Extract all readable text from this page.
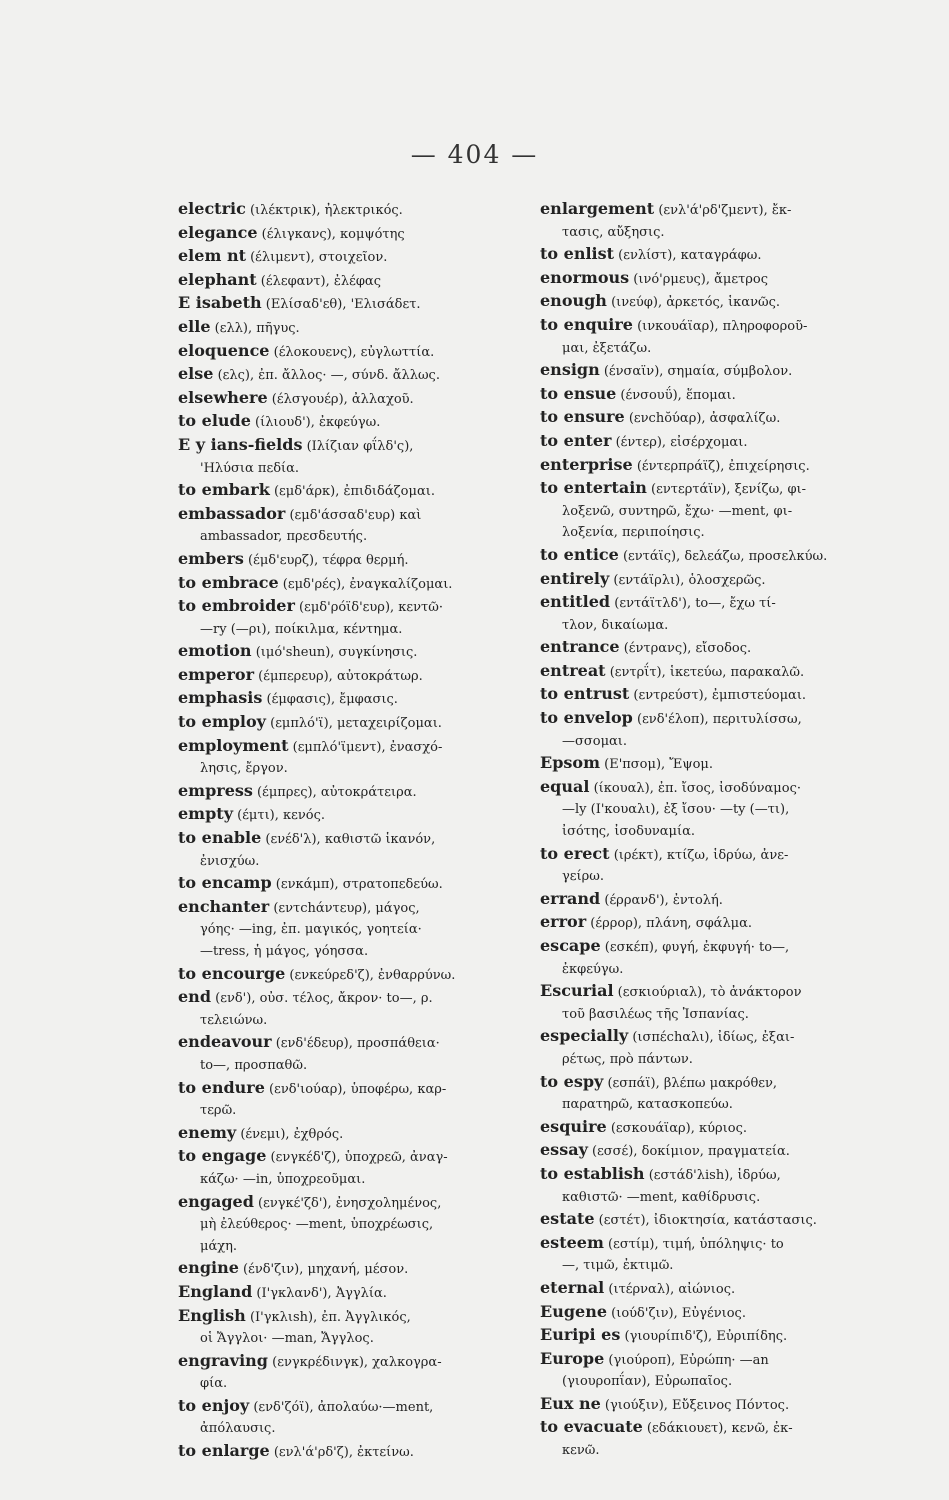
— 404 —
electric (ιλέκτρικ), ἠλεκτρικός.
elegance (έλιγκανς), κομψότης
elem nt (έλιμεντ), στοιχεῖον.
elephant (έλεφαντ), ἐλέφας
E isabeth (Ελίσαδ'εθ), 'Ελισάδετ.
elle (ελλ), πῆγυς.
eloquence (έλοκουενς), εὐγλωττία.
else (ελς), ἐπ. ἄλλος· —, σύνδ. ἄλλως.
elsewhere (έλσγουέρ), ἀλλαχοῦ.
to elude (ίλιουδ'), ἐκφεύγω.
E y ians-fields (Ιλίζιαν φΐλδ'ς),
'Ηλύσια πεδία.
to embark (εμδ'άρκ), ἐπιδιδάζομαι.
embassador (εμδ'άσσαδ'ευρ) καὶ
ambassador, πρεσδευτής.
embers (έμδ'ευρζ), τέφρα θερμή.
to embrace (εμδ'ρές), ἐναγκαλίζομαι.
to embroider (εμδ'ρόϊδ'ευρ), κεντῶ·
—ry (—ρι), ποίκιλμα, κέντημα.
emotion (ιμό'sheun), συγκίνησις.
emperor (έμπερευρ), αὐτοκράτωρ.
emphasis (έμφασις), ἔμφασις.
to employ (εμπλό'ϊ), μεταχειρίζομαι.
employment (εμπλό'ϊμεντ), ἐνασχό-
λησις, ἔργον.
empress (έμπρες), αὐτοκράτειρα.
empty (έμτι), κενός.
to enable (ενέδ'λ), καθιστῶ ἱκανόν,
ἐνισχύω.
to encamp (ενκάμπ), στρατοπεδεύω.
enchanter (εντchάντευρ), μάγος,
γόης· —ing, ἐπ. μαγικός, γοητεία·
—tress, ἡ μάγος, γόησσα.
to encourge (ενκεύρεδ'ζ), ἐνθαρρύνω.
end (ενδ'), οὐσ. τέλος, ἄκρον· to—, ρ.
τελειώνω.
endeavour (ενδ'έδευρ), προσπάθεια·
to—, προσπαθῶ.
to endure (ενδ'ιούαρ), ὑποφέρω, καρ-
τερῶ.
enemy (ένεμι), ἐχθρός.
to engage (ενγκέδ'ζ), ὑποχρεῶ, ἀναγ-
κάζω· —in, ὑποχρεοῦμαι.
engaged (ενγκέ'ζδ'), ἐνησχολημένος,
μὴ ἐλεύθερος· —ment, ὑποχρέωσις,
μάχη.
engine (ένδ'ζιν), μηχανή, μέσον.
England (Ι'γκλανδ'), Ἀγγλία.
English (Ι'γκλιsh), ἐπ. Ἀγγλικός,
οἱ Ἄγγλοι· —man, Ἄγγλος.
engraving (ενγκρέδινγκ), χαλκογρα-
φία.
to enjoy (ενδ'ζόϊ), ἀπολαύω·—ment,
ἀπόλαυσις.
to enlarge (ενλ'ά'ρδ'ζ), ἐκτείνω.
enlargement (ενλ'ά'ρδ'ζμεντ), ἔκ-
τασις, αὔξησις.
to enlist (ενλίστ), καταγράφω.
enormous (ινό'ρμευς), ἄμετρος
enough (ινεύφ), ἀρκετός, ἱκανῶς.
to enquire (ινκουάϊαρ), πληροφοροῦ-
μαι, ἐξετάζω.
ensign (ένσαϊν), σημαία, σύμβολον.
to ensue (ένσουΰ), ἕπομαι.
to ensure (ενchŏύαρ), ἀσφαλίζω.
to enter (έντερ), εἰσέρχομαι.
enterprise (έντερπράϊζ), ἐπιχείρησις.
to entertain (εντερτάϊν), ξενίζω, φι-
λοξενῶ, συντηρῶ, ἔχω· —ment, φι-
λοξενία, περιποίησις.
to entice (εντάϊς), δελεάζω, προσελκύω.
entirely (εντάϊρλι), ὁλοσχερῶς.
entitled (εντάϊτλδ'), to—, ἔχω τί-
τλον, δικαίωμα.
entrance (έντρανς), εἴσοδος.
entreat (εντρΐτ), ἱκετεύω, παρακαλῶ.
to entrust (εντρεύστ), ἐμπιστεύομαι.
to envelop (ενδ'έλοπ), περιτυλίσσω,
—σσομαι.
Epsom (Ε'πσομ), Ἔψομ.
equal (ίκουαλ), ἐπ. ἴσος, ἰσοδύναμος·
—ly (Ι'κουαλι), ἐξ ἴσου· —ty (—τι),
ἰσότης, ἰσοδυναμία.
to erect (ιρέκτ), κτίζω, ἱδρύω, ἀνε-
γείρω.
errand (έρρανδ'), ἐντολή.
error (έρρορ), πλάνη, σφάλμα.
escape (εσκέπ), φυγή, ἐκφυγή· to—,
ἐκφεύγω.
Escurial (εσκιούριαλ), τὸ ἀνάκτορον
τοῦ βασιλέως τῆς Ἰσπανίας.
especially (ισπέchαλι), ἰδίως, ἐξαι-
ρέτως, πρὸ πάντων.
to espy (εσπάϊ), βλέπω μακρόθεν,
παρατηρῶ, κατασκοπεύω.
esquire (εσκουάϊαρ), κύριος.
essay (εσσέ), δοκίμιον, πραγματεία.
to establish (εστάδ'λish), ἱδρύω,
καθιστῶ· —ment, καθίδρυσις.
estate (εστέτ), ἰδιοκτησία, κατάστασις.
esteem (εστίμ), τιμή, ὑπόληψις· to
—, τιμῶ, ἐκτιμῶ.
eternal (ιτέρναλ), αἰώνιος.
Eugene (ιούδ'ζιν), Εὐγένιος.
Euripi es (γιουρίπιδ'ζ), Εὐριπίδης.
Europe (γιούροπ), Εὐρώπη· —an
(γιουροπΐαν), Εὐρωπαῖος.
Eux ne (γιούξιν), Εὔξεινος Πόντος.
to evacuate (εδάκιουετ), κενῶ, ἐκ-
κενῶ.
